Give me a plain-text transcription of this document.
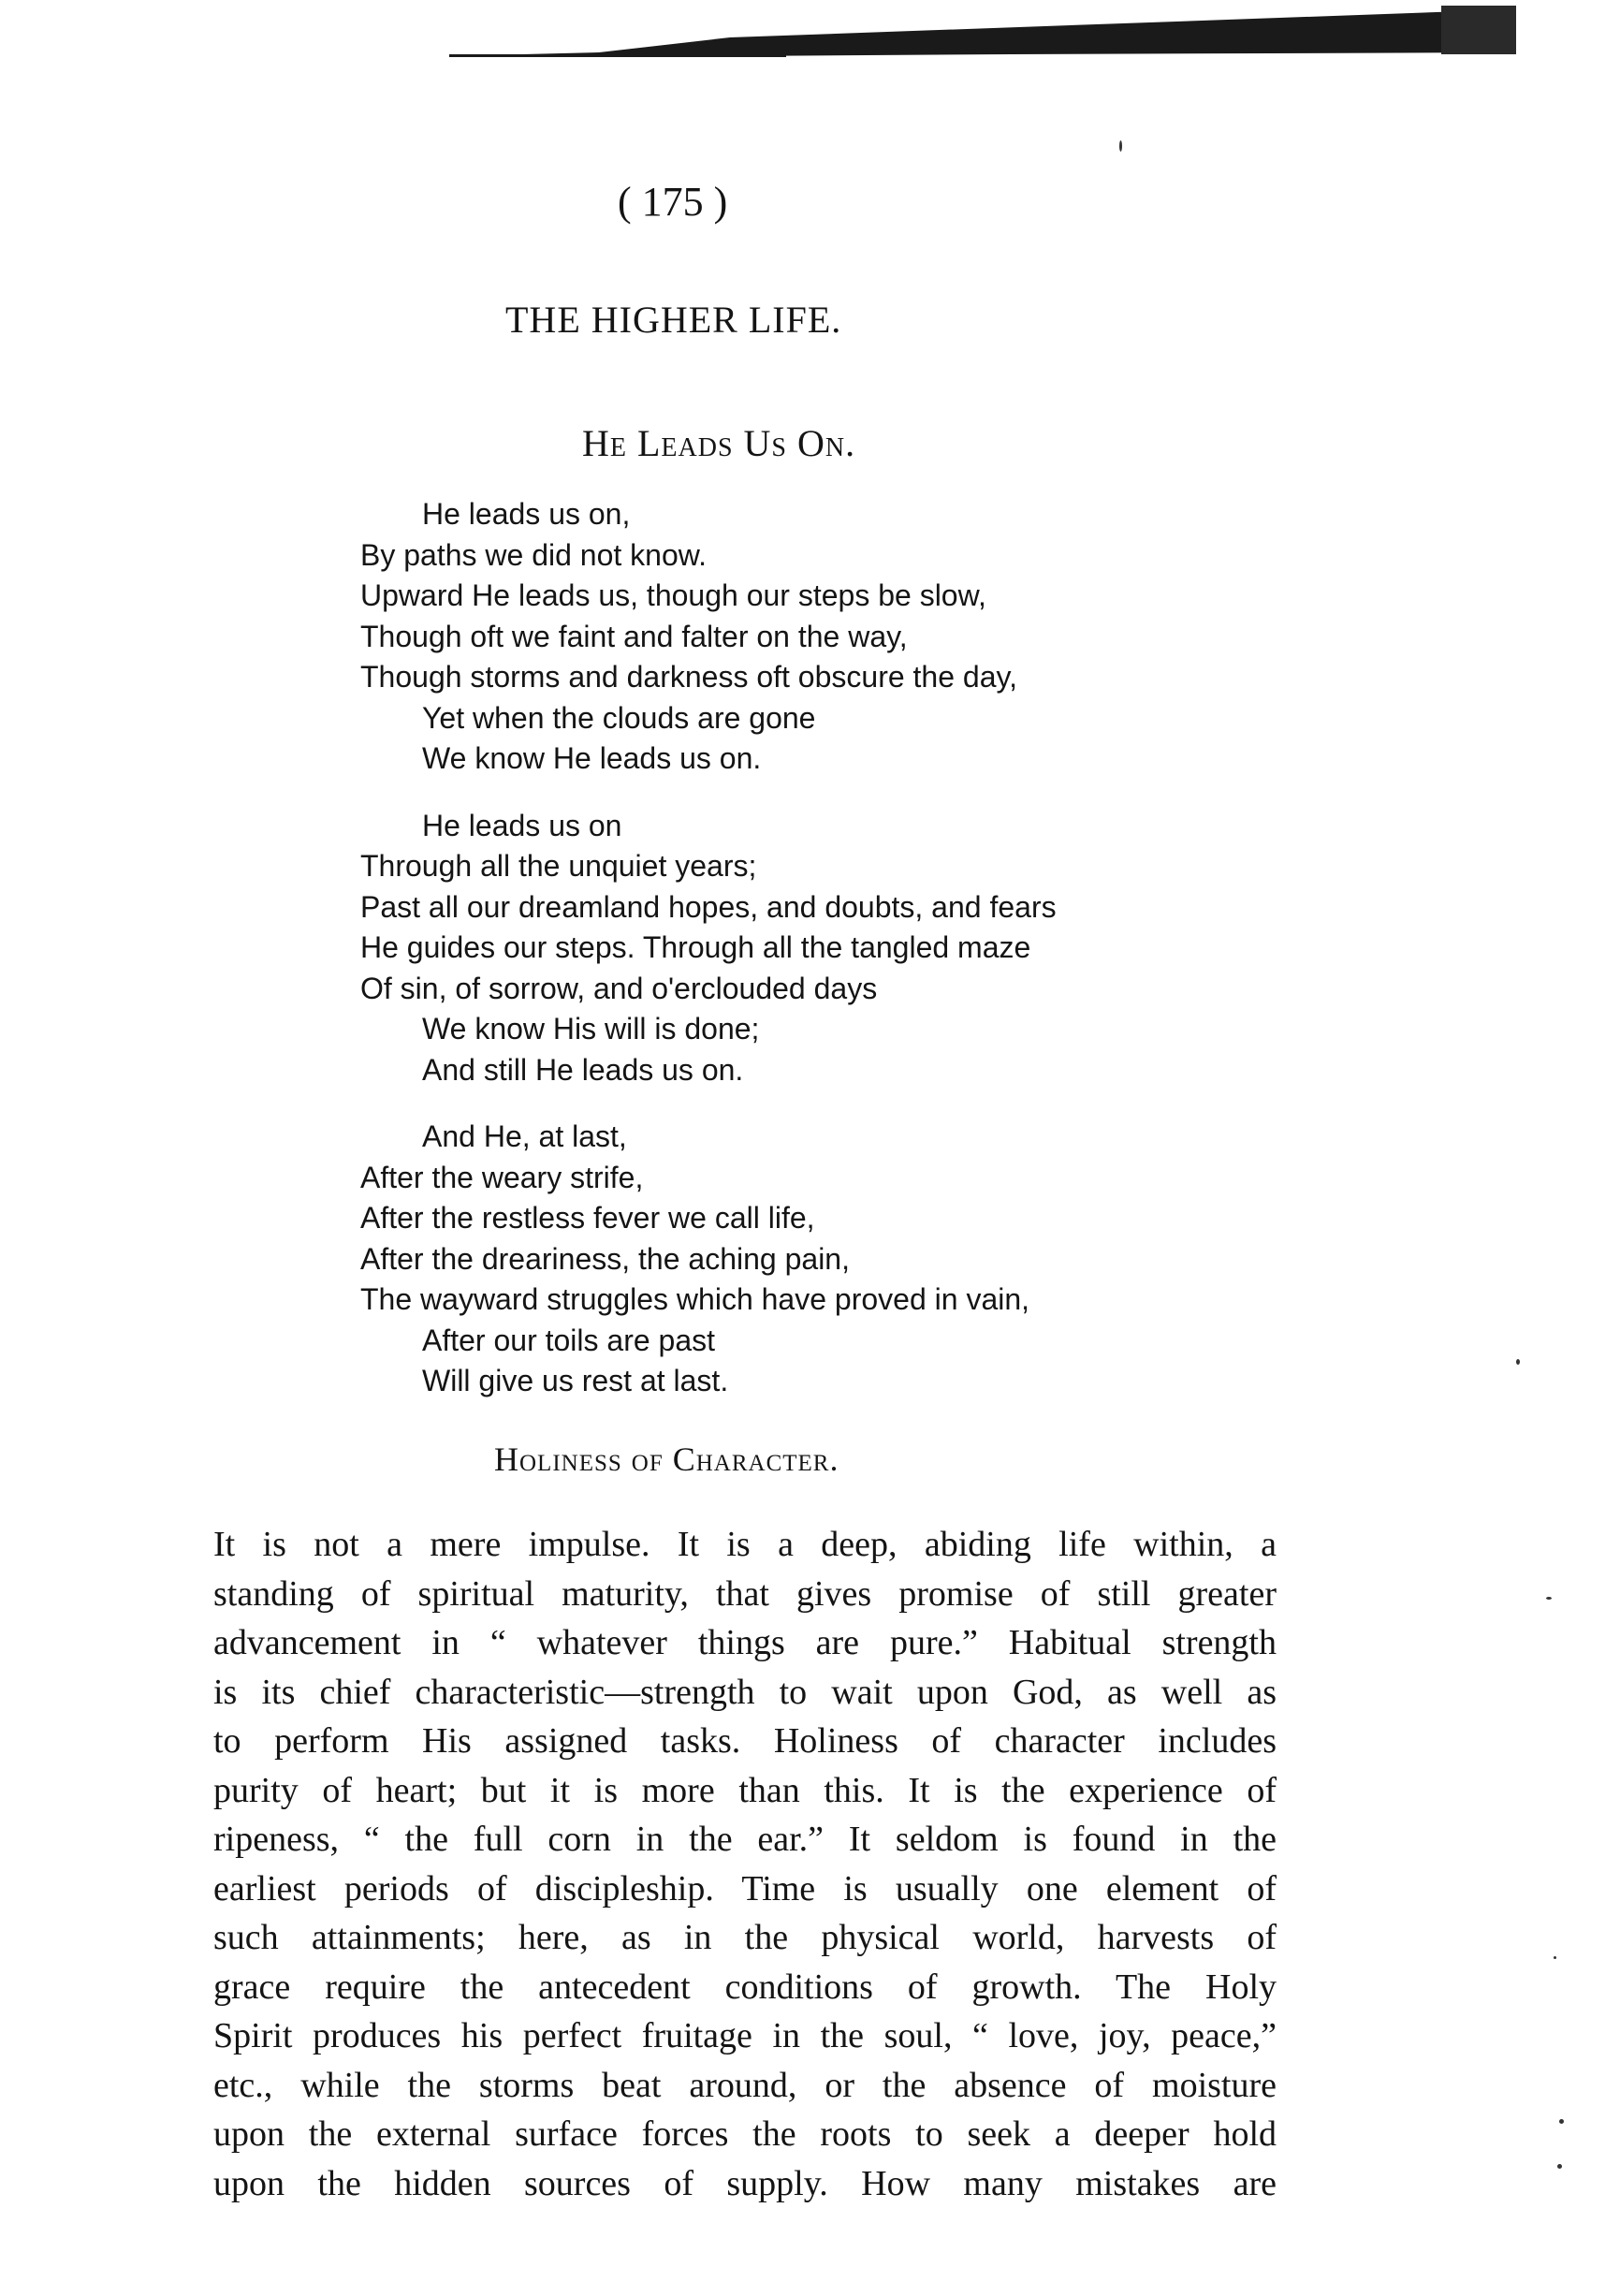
( 175 )
THE HIGHER LIFE.
He Leads Us On.
He leads us on,
By paths we did not know.
Upward He leads us, though our steps be slow,
Though oft we faint and falter on the way,
Though storms and darkness oft obscure the day,
Yet when the clouds are gone
We know He leads us on.
He leads us on
Through all the unquiet years;
Past all our dreamland hopes, and doubts, and fears
He guides our steps. Through all the tangled maze
Of sin, of sorrow, and o'erclouded days
We know His will is done;
And still He leads us on.
And He, at last,
After the weary strife,
After the restless fever we call life,
After the dreariness, the aching pain,
The wayward struggles which have proved in vain,
After our toils are past
Will give us rest at last.
Holiness of Character.
It is not a mere impulse. It is a deep, abiding life within, a
standing of spiritual maturity, that gives promise of still greater
advancement in “ whatever things are pure.” Habitual strength
is its chief characteristic—strength to wait upon God, as well as
to perform His assigned tasks. Holiness of character includes
purity of heart; but it is more than this. It is the experience of
ripeness, “ the full corn in the ear.” It seldom is found in the
earliest periods of discipleship. Time is usually one element of
such attainments; here, as in the physical world, harvests of
grace require the antecedent conditions of growth. The Holy
Spirit produces his perfect fruitage in the soul, “ love, joy, peace,”
etc., while the storms beat around, or the absence of moisture
upon the external surface forces the roots to seek a deeper hold
upon the hidden sources of supply. How many mistakes are
